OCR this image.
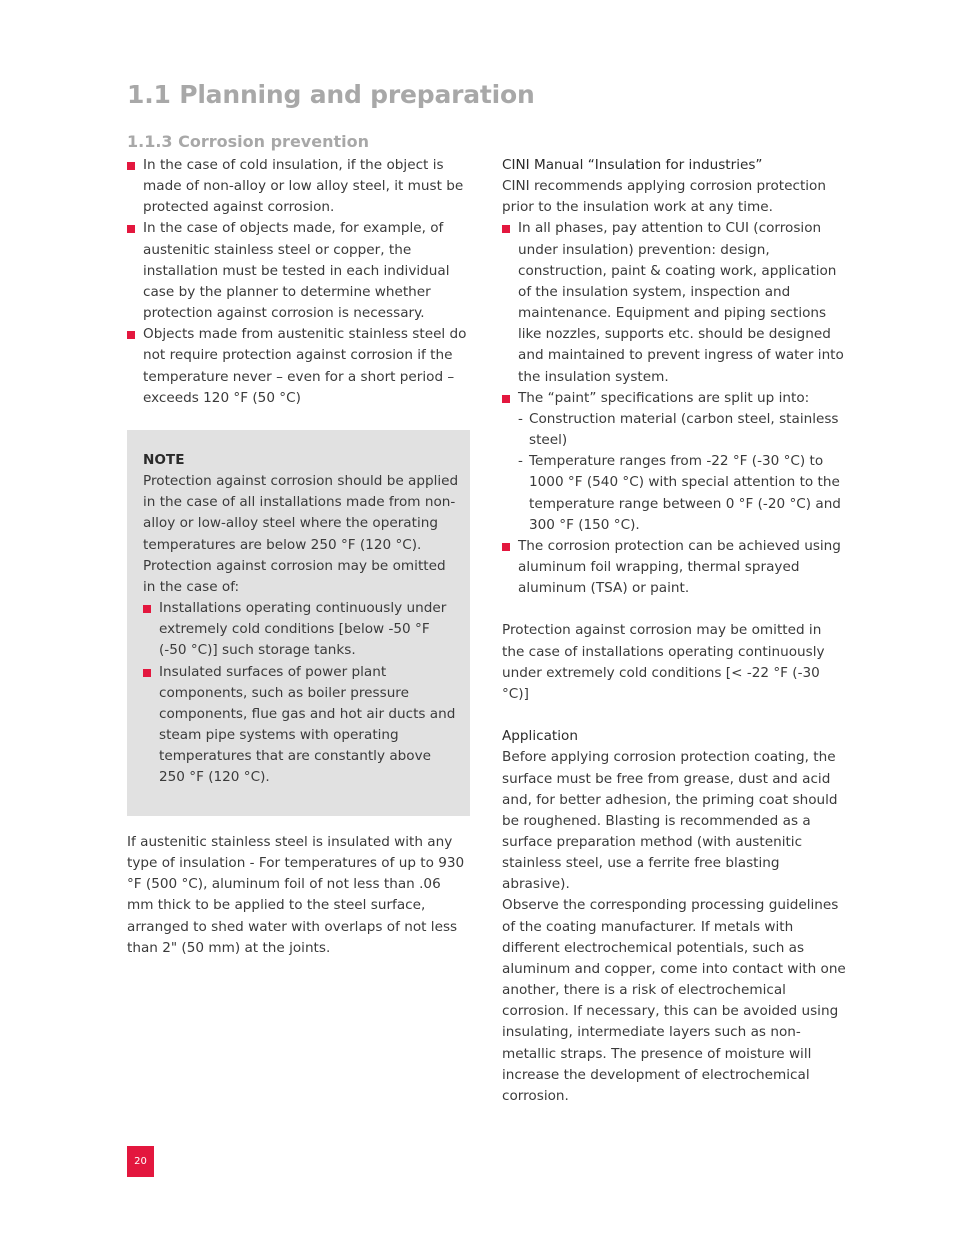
1.1 Planning and preparation
1.1.3 Corrosion prevention
In the case of cold insulation, if the object is made of non-alloy or low alloy steel, it must be protected against corrosion.
In the case of objects made, for example, of austenitic stainless steel or copper, the installation must be tested in each individual case by the planner to determine whether protection against corrosion is necessary.
Objects made from austenitic stainless steel do not require protection against corrosion if the temperature never – even for a short period – exceeds 120 °F (50 °C)

NOTE

Protection against corrosion should be applied in the case of all installations made from non-alloy or low-alloy steel where the operating temperatures are below 250 °F (120 °C). Protection against corrosion may be omitted in the case of:

Installations operating continuously under extremely cold conditions [below -50 °F (-50 °C)] such storage tanks.
Insulated surfaces of power plant components, such as boiler pressure components, flue gas and hot air ducts and steam pipe systems with operating temperatures that are constantly above 250 °F (120 °C).

If austenitic stainless steel is insulated with any type of insulation - For temperatures of up to 930 °F (500 °C), aluminum foil of not less than .06 mm thick to be applied to the steel surface, arranged to shed water with overlaps of not less than 2" (50 mm) at the joints.

CINI Manual “Insulation for industries”

CINI recommends applying corrosion protection prior to the insulation work at any time.

In all phases, pay attention to CUI (corrosion under insulation) prevention: design, construction, paint & coating work, application of the insulation system, inspection and maintenance. Equipment and piping sections like nozzles, supports etc. should be designed and maintained to prevent ingress of water into the insulation system.
The “paint” specifications are split up into:
- Construction material (carbon steel, stainless steel)
- Temperature ranges from -22 °F (-30 °C) to 1000 °F (540 °C) with special attention to the temperature range between 0 °F (-20 °C) and 300 °F (150 °C).
The corrosion protection can be achieved using aluminum foil wrapping, thermal sprayed aluminum (TSA) or paint.

Protection against corrosion may be omitted in the case of installations operating continuously under extremely cold conditions [< -22 °F (-30 °C)]

Application

Before applying corrosion protection coating, the surface must be free from grease, dust and acid and, for better adhesion, the priming coat should be roughened. Blasting is recommended as a surface preparation method (with austenitic stainless steel, use a ferrite free blasting abrasive).

Observe the corresponding processing guidelines of the coating manufacturer. If metals with different electrochemical potentials, such as aluminum and copper, come into contact with one another, there is a risk of electrochemical corrosion. If necessary, this can be avoided using insulating, intermediate layers such as non-metallic straps. The presence of moisture will increase the development of electrochemical corrosion.

20
